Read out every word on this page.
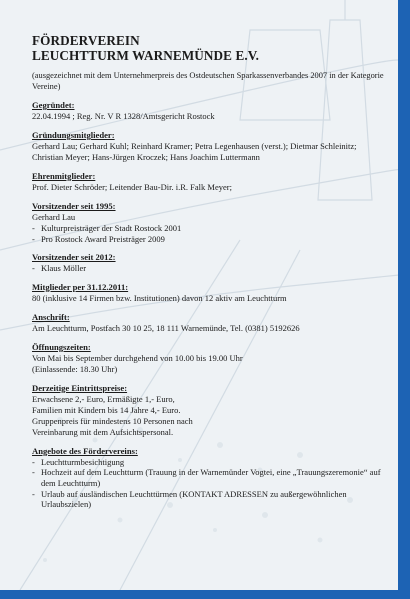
FÖRDERVEREIN
LEUCHTTURM WARNEMÜNDE E.V.

(ausgezeichnet mit dem Unternehmerpreis des Ostdeutschen Sparkassenverbandes 2007 in der Kategorie Vereine)

Gegründet:

22.04.1994 ; Reg. Nr. V R 1328/Amtsgericht Rostock

Gründungsmitglieder:

Gerhard Lau; Gerhard Kuhl; Reinhard Kramer; Petra Legenhausen (verst.); Dietmar Schleinitz; Christian Meyer; Hans-Jürgen Kroczek; Hans Joachim Luttermann

Ehrenmitglieder:

Prof. Dieter Schröder; Leitender Bau-Dir. i.R. Falk Meyer;

Vorsitzender seit 1995:

Gerhard Lau

- Kulturpreisträger der Stadt Rostock 2001

- Pro Rostock Award Preisträger 2009

Vorsitzender seit 2012:

- Klaus Möller

Mitglieder per 31.12.2011:

80 (inklusive 14 Firmen bzw. Institutionen) davon 12 aktiv am Leuchtturm

Anschrift:

Am Leuchtturm, Postfach 30 10 25, 18 111 Warnemünde, Tel. (0381) 5192626

Öffnungszeiten:

Von Mai bis September durchgehend von 10.00 bis 19.00 Uhr

(Einlassende: 18.30 Uhr)

Derzeitige Eintrittspreise:

Erwachsene 2,- Euro, Ermäßigte 1,- Euro,

Familien mit Kindern bis 14 Jahre 4,- Euro.

Gruppenpreis für mindestens 10 Personen nach

Vereinbarung mit dem Aufsichtspersonal.

Angebote des Fördervereins:

- Leuchtturmbesichtigung

- Hochzeit auf dem Leuchtturm (Trauung in der Warnemünder Vogtei, eine „Trauungszeremonie“ auf dem Leuchtturm)

- Urlaub auf ausländischen Leuchttürmen (KONTAKT ADRESSEN zu außergewöhnlichen Urlaubszielen)
